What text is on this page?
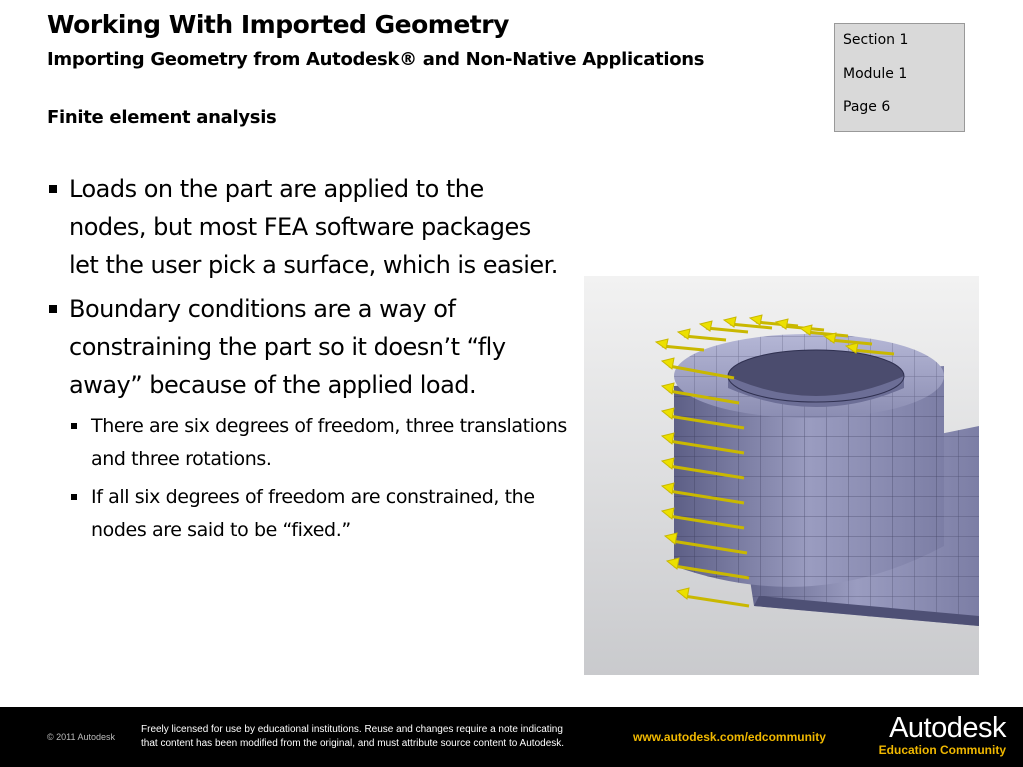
Working With Imported Geometry
Importing Geometry from Autodesk® and Non-Native Applications
Finite element analysis
Section 1
Module 1
Page 6
Loads on the part are applied to the nodes, but most FEA software packages let the user pick a surface, which is easier.
Boundary conditions are a way of constraining the part so it doesn’t “fly away” because of the applied load.
There are six degrees of freedom, three translations and three rotations.
If all six degrees of freedom are constrained, the nodes are said to be “fixed.”
© 2011 Autodesk
Freely licensed for use by educational institutions. Reuse and changes require a note indicating
that content has been modified from the original, and must attribute source content to Autodesk.	www.autodesk.com/edcommunity	Autodesk
Education Community
